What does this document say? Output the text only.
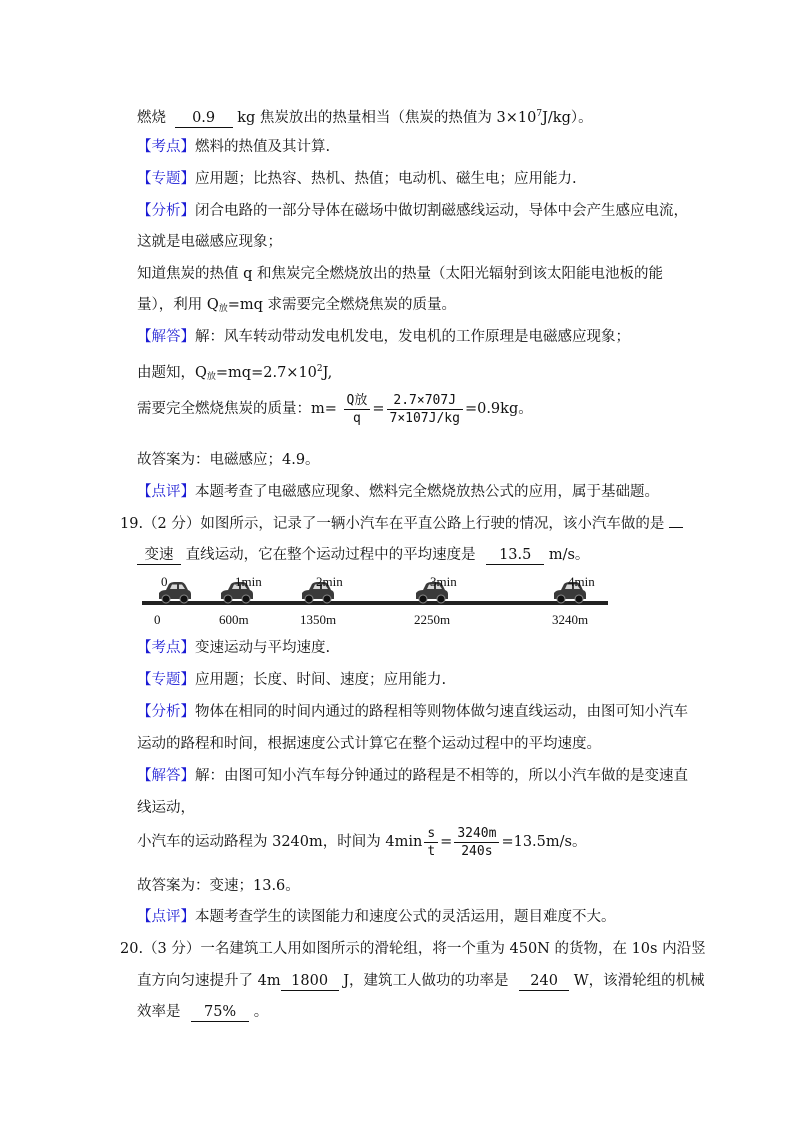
燃烧 0.9 kg 焦炭放出的热量相当（焦炭的热值为 $3\times 10^7J/kg$）。
【考点】燃料的热值及其计算.
【专题】应用题；比热容、热机、热值；电动机、磁生电；应用能力.
【分析】闭合电路的一部分导体在磁场中做切割磁感线运动，导体中会产生感应电流，
这就是电磁感应现象；
知道焦炭的热值 q 和焦炭完全燃烧放出的热量（太阳光辐射到该太阳能电池板的能
量），利用 $Q_放=mq$ 求需要完全燃烧焦炭的质量。
【解答】解：风车转动带动发电机发电，发电机的工作原理是电磁感应现象；
由题知，$Q_放=mq=2.7\times 10^2J$,
需要完全燃烧焦炭的质量：$m= \frac{\text{Q放}}{q} = \frac{2.7\times 707J}{7\times 107J/kg} =0.9kg$。
故答案为：电磁感应；4.9。
【点评】本题考查了电磁感应现象、燃料完全燃烧放热公式的应用，属于基础题。
19.（2 分）如图所示，记录了一辆小汽车在平直公路上行驶的情况，该小汽车做的是
变速 直线运动，它在整个运动过程中的平均速度是 13.5 m/s。
0
0
1min
600m
2min
1350m
3min
2250m
4min
3240m
【考点】变速运动与平均速度.
【专题】应用题；长度、时间、速度；应用能力.
【分析】物体在相同的时间内通过的路程相等则物体做匀速直线运动，由图可知小汽车
运动的路程和时间，根据速度公式计算它在整个运动过程中的平均速度。
【解答】解：由图可知小汽车每分钟通过的路程是不相等的，所以小汽车做的是变速直
线运动，
小汽车的运动路程为 3240m，时间为 $4\min \frac{s}{t} = \frac{3240m}{240s} =13.5m/s$。
故答案为：变速；13.6。
【点评】本题考查学生的读图能力和速度公式的灵活运用，题目难度不大。
20.（3 分）一名建筑工人用如图所示的滑轮组，将一个重为 450N 的货物，在 10s 内沿竖
直方向匀速提升了 4m 1800 J，建筑工人做功的功率是 240 W，该滑轮组的机械
效率是 75% 。
